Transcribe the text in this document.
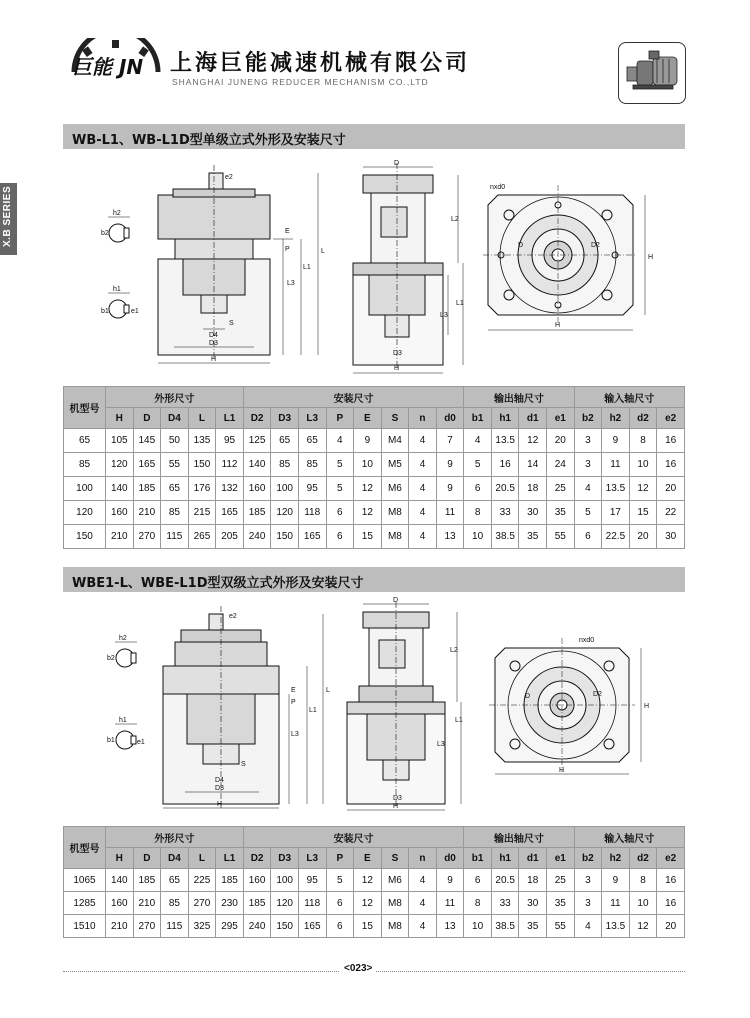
巨能 JN 上海巨能减速机械有限公司
SHANGHAI JUNENG REDUCER MECHANISM CO.,LTD
X.B SERIES
WB-L1、WB-L1D型单级立式外形及安装尺寸
e2
h2
b2
h1
b1	e1
E
P	L
L1
L3
S
D4
D3
H
D
L2
L1
L3
D3
H
nxd0
D	D2
H
H
机型号	外形尺寸					安装尺寸								输出轴尺寸				输入轴尺寸			
	H	D	D4	L	L1	D2	D3	L3	P	E	S	n	d0	b1	h1	d1	e1	b2	h2	d2	e2
65	105	145	50	135	95	125	65	65	4	9	M4	4	7	4	13.5	12	20	3	9	8	16
85	120	165	55	150	112	140	85	85	5	10	M5	4	9	5	16	14	24	3	11	10	16
100	140	185	65	176	132	160	100	95	5	12	M6	4	9	6	20.5	18	25	4	13.5	12	20
120	160	210	85	215	165	185	120	118	6	12	M8	4	11	8	33	30	35	5	17	15	22
150	210	270	115	265	205	240	150	165	6	15	M8	4	13	10	38.5	35	55	6	22.5	20	30
WBE1-L、WBE-L1D型双级立式外形及安装尺寸
e2
h2
b2
h1
b1	e1
E
P
L
L1
L3
S
D4
D3
H
D
L2
L1
L3
D3
H
nxd0
D	D2
H
H
机型号	外形尺寸					安装尺寸								输出轴尺寸				输入轴尺寸			
	H	D	D4	L	L1	D2	D3	L3	P	E	S	n	d0	b1	h1	d1	e1	b2	h2	d2	e2
1065	140	185	65	225	185	160	100	95	5	12	M6	4	9	6	20.5	18	25	3	9	8	16
1285	160	210	85	270	230	185	120	118	6	12	M8	4	11	8	33	30	35	3	11	10	16
1510	210	270	115	325	295	240	150	165	6	15	M8	4	13	10	38.5	35	55	4	13.5	12	20
<023>
